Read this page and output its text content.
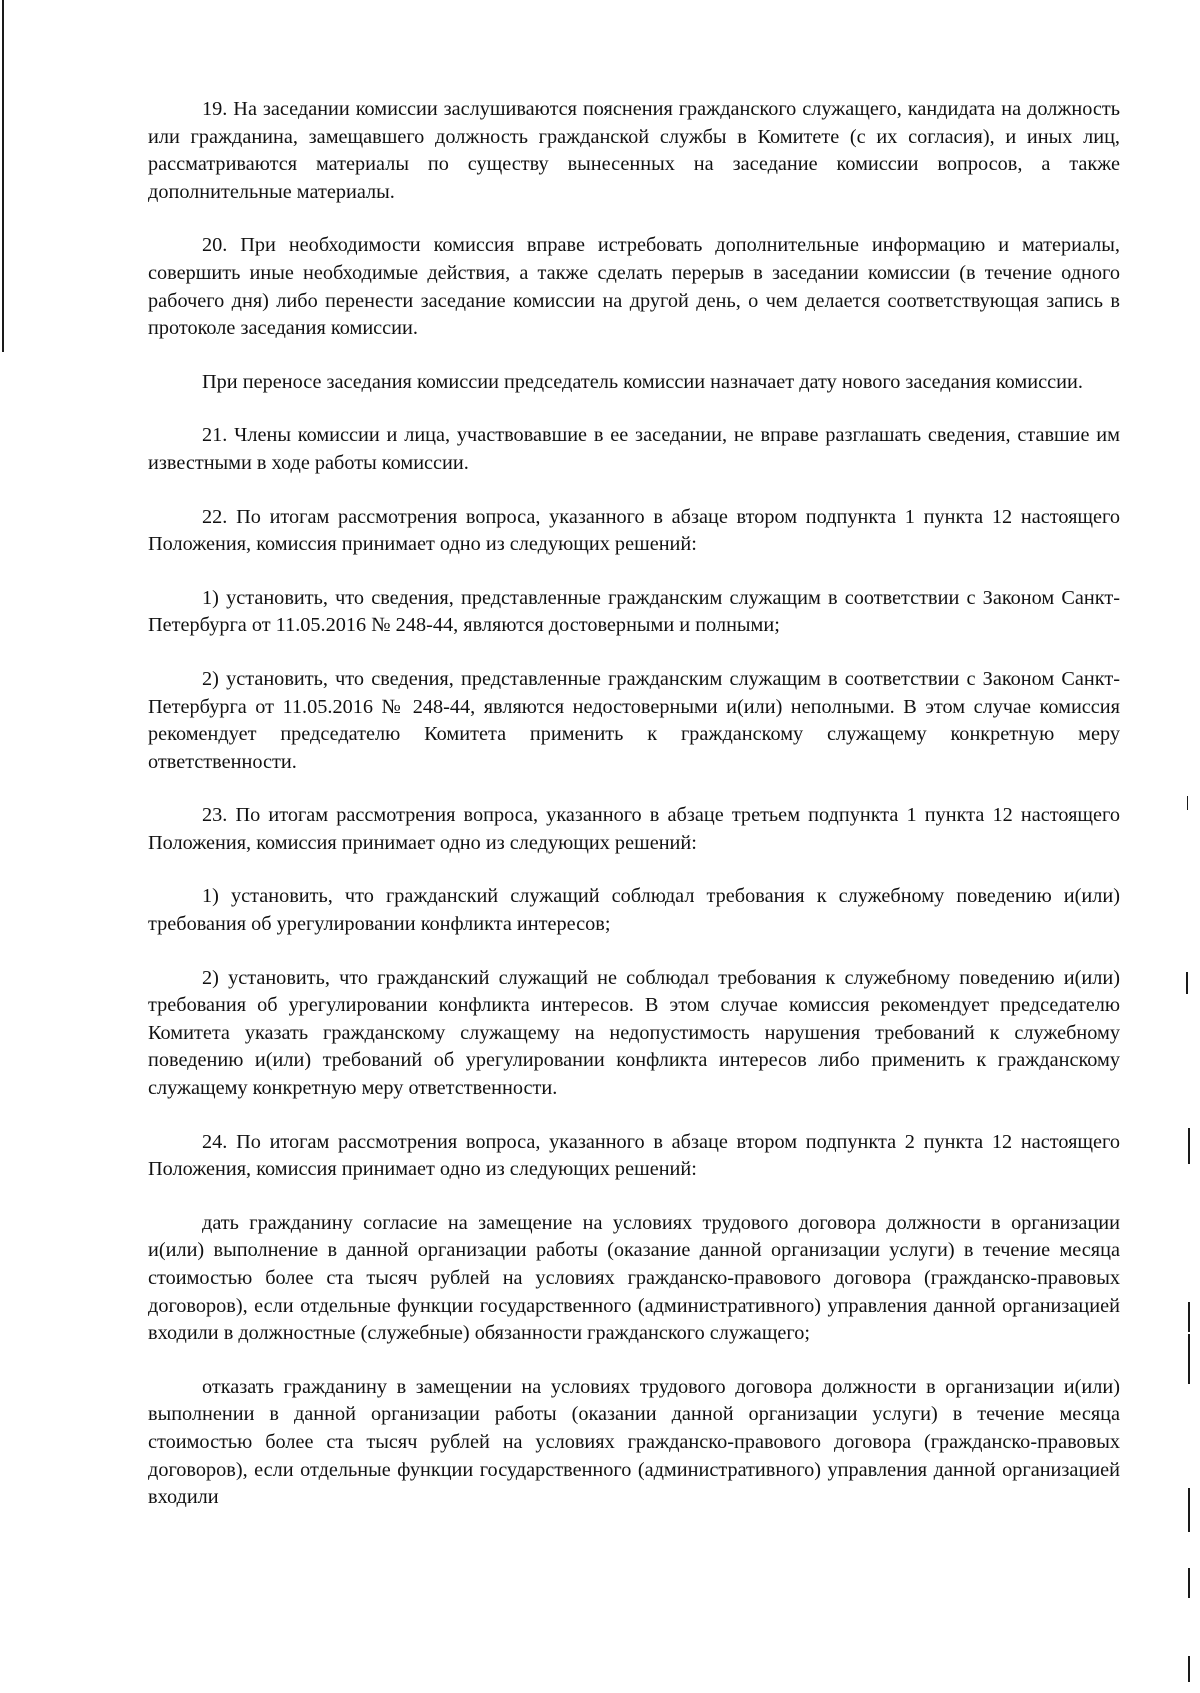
19. На заседании комиссии заслушиваются пояснения гражданского служащего, кандидата на должность или гражданина, замещавшего должность гражданской службы в Комитете (с их согласия), и иных лиц, рассматриваются материалы по существу вынесенных на заседание комиссии вопросов, а также дополнительные материалы.

20. При необходимости комиссия вправе истребовать дополнительные информацию и материалы, совершить иные необходимые действия, а также сделать перерыв в заседании комиссии (в течение одного рабочего дня) либо перенести заседание комиссии на другой день, о чем делается соответствующая запись в протоколе заседания комиссии.

При переносе заседания комиссии председатель комиссии назначает дату нового заседания комиссии.

21. Члены комиссии и лица, участвовавшие в ее заседании, не вправе разглашать сведения, ставшие им известными в ходе работы комиссии.

22. По итогам рассмотрения вопроса, указанного в абзаце втором подпункта 1 пункта 12 настоящего Положения, комиссия принимает одно из следующих решений:

1) установить, что сведения, представленные гражданским служащим в соответствии с Законом Санкт-Петербурга от 11.05.2016 № 248-44, являются достоверными и полными;

2) установить, что сведения, представленные гражданским служащим в соответствии с Законом Санкт-Петербурга от 11.05.2016 № 248-44, являются недостоверными и(или) неполными. В этом случае комиссия рекомендует председателю Комитета применить к гражданскому служащему конкретную меру ответственности.

23. По итогам рассмотрения вопроса, указанного в абзаце третьем подпункта 1 пункта 12 настоящего Положения, комиссия принимает одно из следующих решений:

1) установить, что гражданский служащий соблюдал требования к служебному поведению и(или) требования об урегулировании конфликта интересов;

2) установить, что гражданский служащий не соблюдал требования к служебному поведению и(или) требования об урегулировании конфликта интересов. В этом случае комиссия рекомендует председателю Комитета указать гражданскому служащему на недопустимость нарушения требований к служебному поведению и(или) требований об урегулировании конфликта интересов либо применить к гражданскому служащему конкретную меру ответственности.

24. По итогам рассмотрения вопроса, указанного в абзаце втором подпункта 2 пункта 12 настоящего Положения, комиссия принимает одно из следующих решений:

дать гражданину согласие на замещение на условиях трудового договора должности в организации и(или) выполнение в данной организации работы (оказание данной организации услуги) в течение месяца стоимостью более ста тысяч рублей на условиях гражданско-правового договора (гражданско-правовых договоров), если отдельные функции государственного (административного) управления данной организацией входили в должностные (служебные) обязанности гражданского служащего;

отказать гражданину в замещении на условиях трудового договора должности в организации и(или) выполнении в данной организации работы (оказании данной организации услуги) в течение месяца стоимостью более ста тысяч рублей на условиях гражданско-правового договора (гражданско-правовых договоров), если отдельные функции государственного (административного) управления данной организацией входили
